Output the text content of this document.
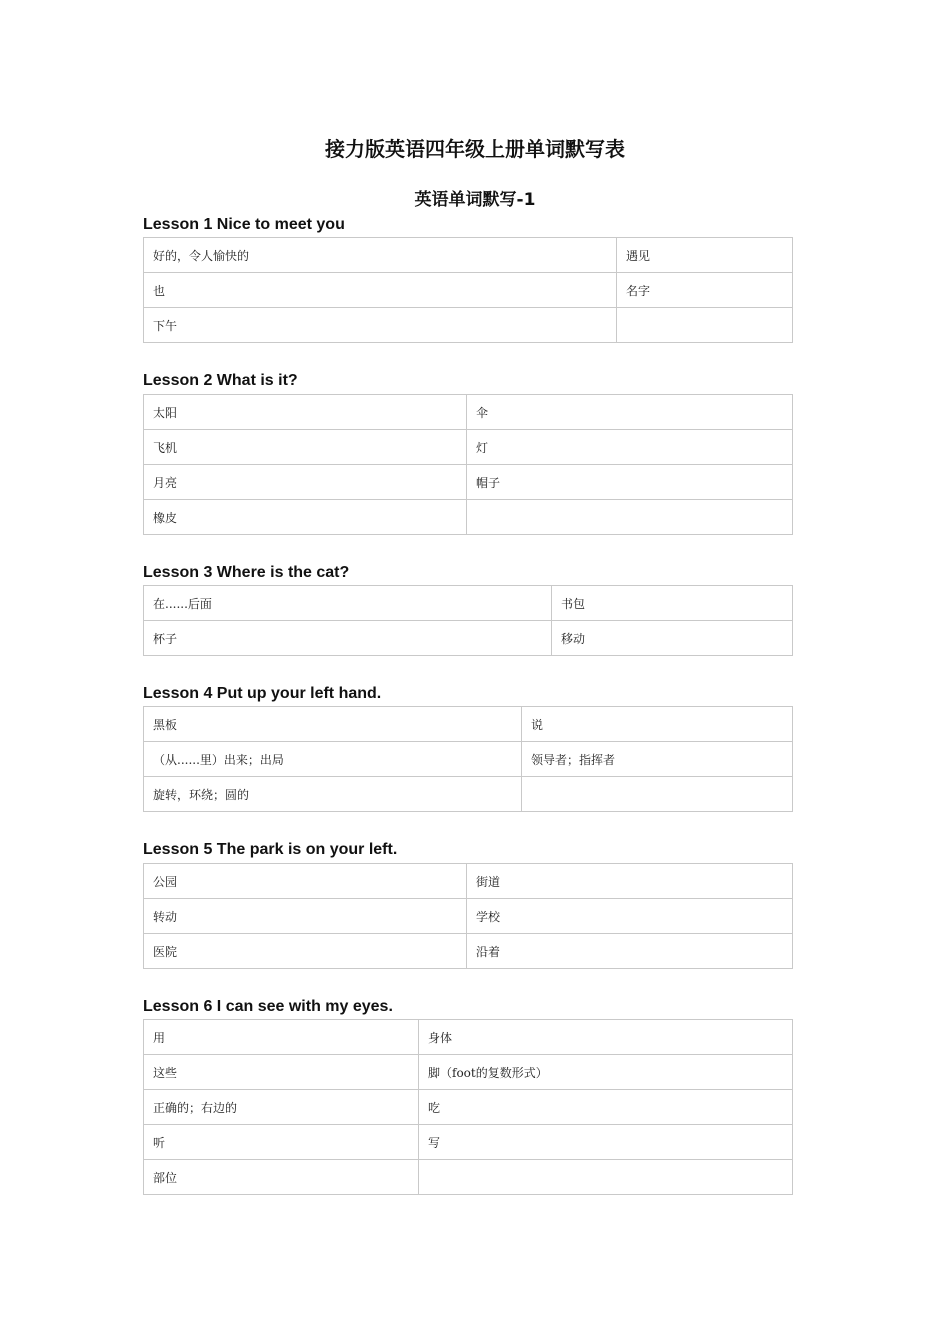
接力版英语四年级上册单词默写表
英语单词默写-1
Lesson 1 Nice to meet you
好的，令人愉快的	遇见
也	名字
下午	
Lesson 2 What is it?
太阳	伞
飞机	灯
月亮	帽子
橡皮	
Lesson 3 Where is the cat?
在......后面	书包
杯子	移动
Lesson 4 Put up your left hand.
黑板	说
（从......里）出来；出局	领导者；指挥者
旋转，环绕；圆的	
Lesson 5 The park is on your left.
公园	街道
转动	学校
医院	沿着
Lesson 6 I can see with my eyes.
用	身体
这些	脚（foot的复数形式）
正确的；右边的	吃
听	写
部位	
